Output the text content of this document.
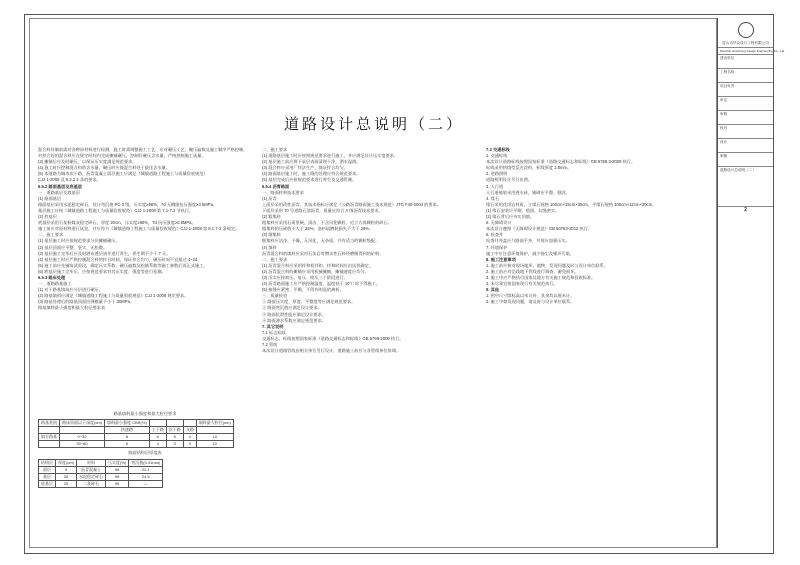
道路设计总说明（二）

混合料拌制前需对各种原材料进行检测，施工时需调整施工工艺，应对碾压工艺、碾压遍数及施工顺序严格控制。

对拌合好的混合料应在规定时间内完成摊铺碾压，控制好碾压含水量，严格控制施工质量。

(3) 摊铺后应及时碾压，以保证压实度满足规范要求。

(4) 施工时应控制混合料的含水量，碾压时应使混合料处于最佳含水量。

(5) 本道路为城市次干路，沥青混凝土面层施工应满足《城镇道路工程施工与质量验收规范》

CJJ 1-2008 及 5.2.2.2 条的要求。

6.5.2 路面基层及底基层

一、道路基层及底基层

(1) 路面基层

路面基层采用水泥稳定碎石，设计弯沉值 PC-3 级，压实度≥98%，7d 无侧限抗压强度≥3.5MPa。

基层施工应按《城镇道路工程施工与质量验收规范》CJJ 1-2008 第 7.1-7.2 节执行。

(2) 底基层

底基层采用石灰粉煤灰稳定碎石，厚度 20cm，压实度≥96%，7d 抗压强度≥0.8MPa。

施工前应对原材料进行试验，并应符合《城镇道路工程施工与质量验收规范》CJJ 1-2008 第 8.1.7-2 条规定。

二、施工要求

(1) 基层施工时应按规范要求分层摊铺碾压。

(2) 基层顶面应平整、坚实、无松散。

(3) 基层施工完毕后应及时洒布透层油并进行养生，养生期不少于 7 天。

(4) 基层施工时应严格控制混合料的拌合时间，保证拌合均匀，碾压时间不宜超过 4~2d。

(5) 施工前应先铺筑试验段，确定压实系数、碾压遍数及松铺系数等施工参数后再正式施工。

(6) 底基层施工完毕后，应按规范要求对其压实度、强度等进行检测。

6.5.3 路床处理

一、道路路基施工

(1) 对于路基填筑应分层进行碾压，

(2) 路基填料应满足《城镇道路工程施工与质量验收规范》CJJ 1-2008 规定要求。

(3) 路基处理后的路基顶面回弹模量不小于 30MPa。

路基填料最小强度和最大粒径要求表

路基填料最小强度和最大粒径要求
路基类别	路床顶面以下深度(cm)	填料最小强度 CBR(%)				填料最大粒径(cm)
		快速路	主干路	次干路	支路	
填方路基	0~30	8	6	5	4	10
	30~80	5	4	3	3	10
路面结构层厚度表
结构层	厚度(cm)	材料	压实度(%)	弯沉值(0.01mm)
面层	9	沥青混凝土	98	22.1
基层	35	水泥稳定碎石	98	24.5
底基层	20	二灰碎石	96	—

二、施工要求

(1) 道路基层施工时应按照规范要求进行施工，并应满足设计压实度要求。

(2) 基层施工前应将下承层表面清理干净，洒水湿润。

(3) 混合料应采用厂拌法生产，保证拌合均匀。

(4) 路面基层施工时，施工缝的处理应符合规范要求。

(5) 基层完成后应按规范要求进行养生及交通管制。

6.5.4 沥青路面

一、路面材料技术要求

(1) 沥青

上面层采用改性沥青，其技术指标应满足《公路沥青路面施工技术规范》JTG F40-2004 的要求。

下面层采用 70 号道路石油沥青，质量应符合 A 级沥青技术要求。

(2) 粗集料

粗集料应采用石质坚硬、清洁、不含风化颗粒、近立方体颗粒的碎石。

粗集料的压碎值不大于 26%，洛杉矶磨耗损失不大于 28%。

(3) 细集料

细集料应洁净、干燥、无风化、无杂质，并有适当的颗粒级配。

(4) 填料

沥青混合料的填料应采用石灰岩等憎水性石料经磨细得到的矿粉。

二、施工要求

(1) 沥青混合料应采用拌和机拌和，拌和时间应由试拌确定。

(2) 沥青混合料的摊铺应采用机械摊铺，摊铺速度应均匀。

(3) 压实应按初压、复压、终压三个阶段进行。

(4) 沥青路面施工应严格控制温度，温度低于 10℃ 时不得施工。

(5) 接缝应紧密、平顺，不得有明显的离析。

三、质量检验

① 路面压实度、厚度、平整度等应满足规范要求。

② 路面弯沉值应满足设计要求。

③ 路面抗滑性能应满足设计要求。

④ 路面渗水系数应满足规范要求。

7. 其它说明

7.1 标志标线

交通标志、标线按照国家标准《道路交通标志和标线》GB 5768-2009 执行。

7.2 管线

本次设计道路管线由相关单位另行设计，道路施工前应与各管线单位协调。

7.3 交通标线

1. 交通标线

本次设计道路标线按照国家标准《道路交通标志和标线》GB 5768.3-2009 执行。

标线采用热熔型反光涂料，标线厚度 1.8mm。

2. 道路照明

道路照明设计另行出图。

3. 人行道

人行道铺装采用透水砖，铺砌应平整、稳固。

4. 缘石

缘石采用花岗岩材质，立缘石规格 100cm×15cm×35cm，平缘石规格 100cm×12cm×30cm。

(1) 缘石安装应平顺、稳固，勾缝密实。

(2) 缘石背后应夯实回填。

5. 无障碍设计

本次设计遵照《无障碍设计规范》GB 50763-2012 执行。

6. 检查井

检查井井盖应与路面平齐，井周应加强压实。

7. 环境保护

施工中应注意环境保护，减少扬尘及噪声污染。

8. 施工注意事项

1. 施工前应核对现场地形、地物，发现问题及时与设计单位联系。

2. 施工前应对沿线地下管线进行调查，避免损坏。

3. 施工中应严格执行国家及地方有关施工规范和验收标准。

4. 未尽事宜按国家现行有关规范执行。

9. 其他

1. 图中尺寸除标高以米计外，其余均以厘米计。

2. 施工中如发现问题，请及时与设计单位联系。

眉山市华众设计工程有限公司
Meishan Huazhong Design Engineering Co., Ltd.
建设单位
工程名称
项目负责
审定
审核
校对
设计
制图
道路设计总说明（二）
2
